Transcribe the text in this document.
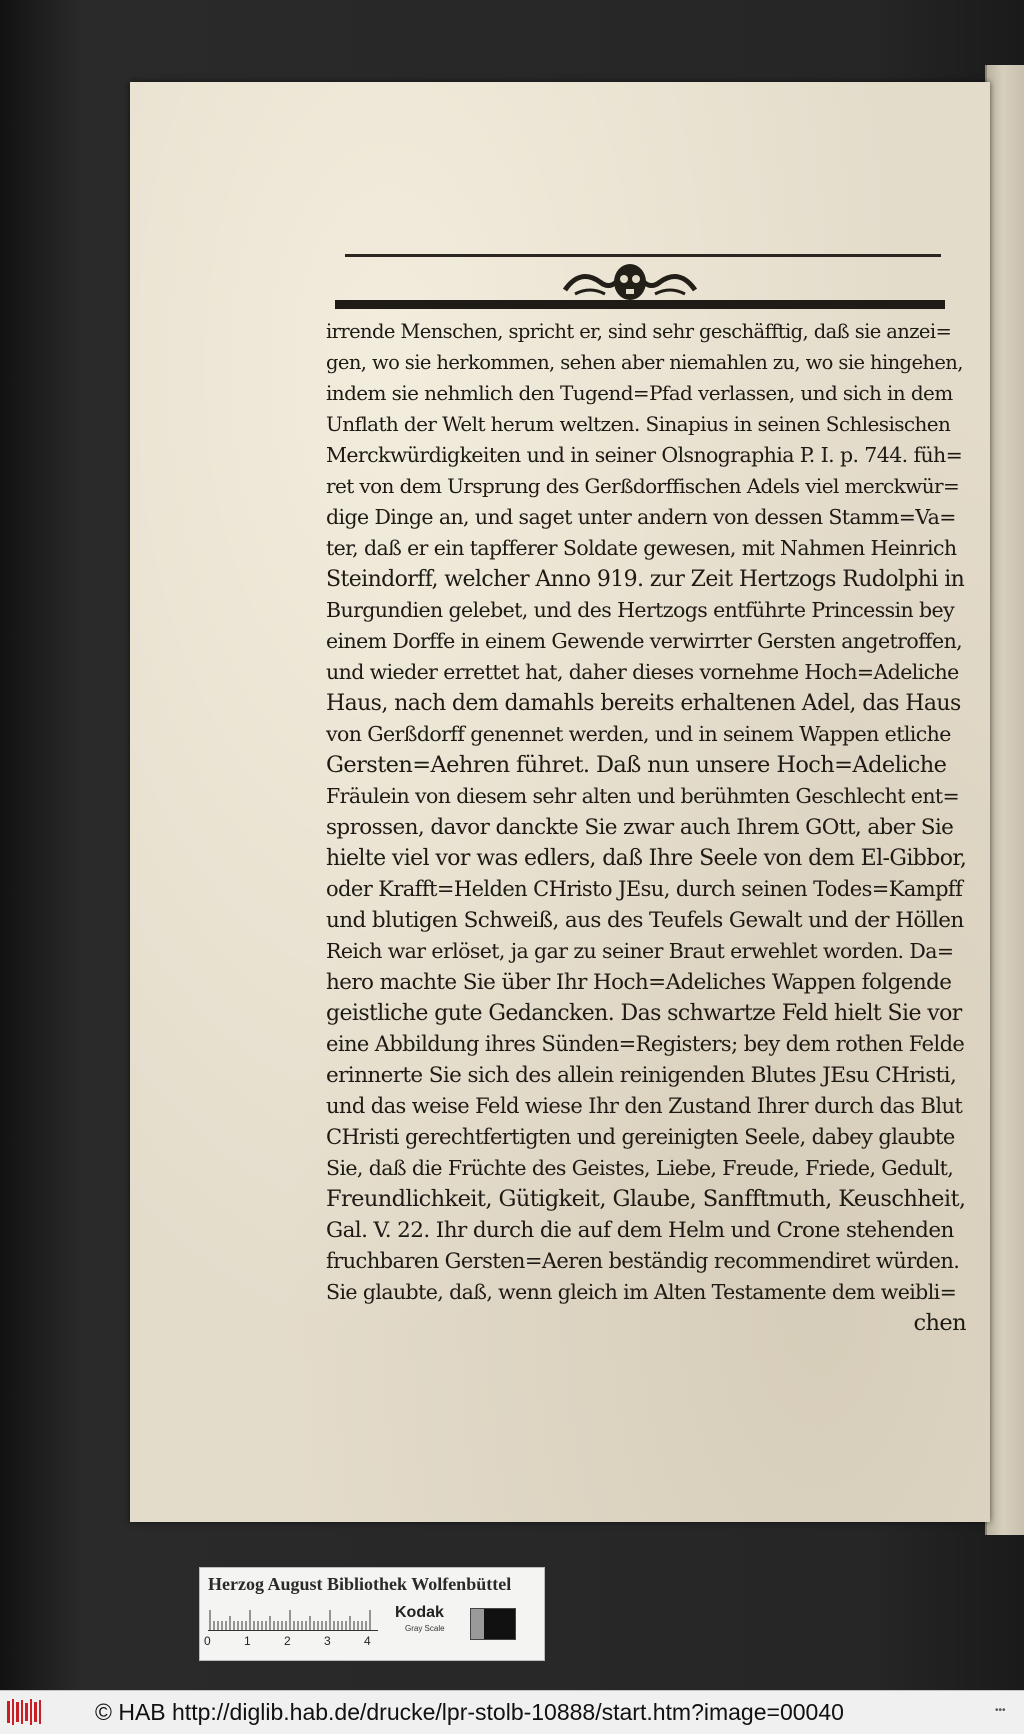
irrende Menschen, spricht er, sind sehr geschäfftig, daß sie anzei=
gen, wo sie herkommen, sehen aber niemahlen zu, wo sie hingehen,
indem sie nehmlich den Tugend=Pfad verlassen, und sich in dem
Unflath der Welt herum weltzen. Sinapius in seinen Schlesischen
Merckwürdigkeiten und in seiner Olsnographia P. I. p. 744. füh=
ret von dem Ursprung des Gerßdorffischen Adels viel merckwür=
dige Dinge an, und saget unter andern von dessen Stamm=Va=
ter, daß er ein tapfferer Soldate gewesen, mit Nahmen Heinrich
Steindorff, welcher Anno 919. zur Zeit Hertzogs Rudolphi in
Burgundien gelebet, und des Hertzogs entführte Princessin bey
einem Dorffe in einem Gewende verwirrter Gersten angetroffen,
und wieder errettet hat, daher dieses vornehme Hoch=Adeliche
Haus, nach dem damahls bereits erhaltenen Adel, das Haus
von Gerßdorff genennet werden, und in seinem Wappen etliche
Gersten=Aehren führet. Daß nun unsere Hoch=Adeliche
Fräulein von diesem sehr alten und berühmten Geschlecht ent=
sprossen, davor danckte Sie zwar auch Ihrem GOtt, aber Sie
hielte viel vor was edlers, daß Ihre Seele von dem El-Gibbor,
oder Krafft=Helden CHristo JEsu, durch seinen Todes=Kampff
und blutigen Schweiß, aus des Teufels Gewalt und der Höllen
Reich war erlöset, ja gar zu seiner Braut erwehlet worden. Da=
hero machte Sie über Ihr Hoch=Adeliches Wappen folgende
geistliche gute Gedancken. Das schwartze Feld hielt Sie vor
eine Abbildung ihres Sünden=Registers; bey dem rothen Felde
erinnerte Sie sich des allein reinigenden Blutes JEsu CHristi,
und das weise Feld wiese Ihr den Zustand Ihrer durch das Blut
CHristi gerechtfertigten und gereinigten Seele, dabey glaubte
Sie, daß die Früchte des Geistes, Liebe, Freude, Friede, Gedult,
Freundlichkeit, Gütigkeit, Glaube, Sanfftmuth, Keuschheit,
Gal. V. 22. Ihr durch die auf dem Helm und Crone stehenden
fruchbaren Gersten=Aeren beständig recommendiret würden.
Sie glaubte, daß, wenn gleich im Alten Testamente dem weibli=
chen
Herzog August Bibliothek Wolfenbüttel
0	1	2	3	4
Kodak
Gray Scale
© HAB http://diglib.hab.de/drucke/lpr-stolb-10888/start.htm?image=00040	•••
